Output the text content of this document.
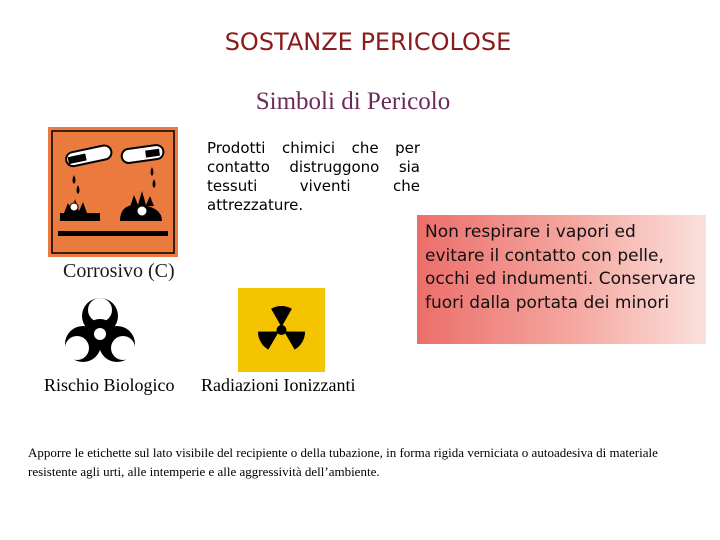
SOSTANZE PERICOLOSE
Simboli di Pericolo
Prodotti chimici che per contatto distruggono sia tessuti viventi che attrezzature.
Corrosivo (C)
Non respirare i vapori ed evitare il contatto con pelle, occhi ed indumenti. Conservare fuori dalla portata dei minori
Rischio Biologico Radiazioni Ionizzanti
Apporre le etichette sul lato visibile del recipiente o della tubazione, in forma rigida verniciata o autoadesiva di materiale resistente agli urti, alle intemperie e alle aggressività dell’ambiente.
